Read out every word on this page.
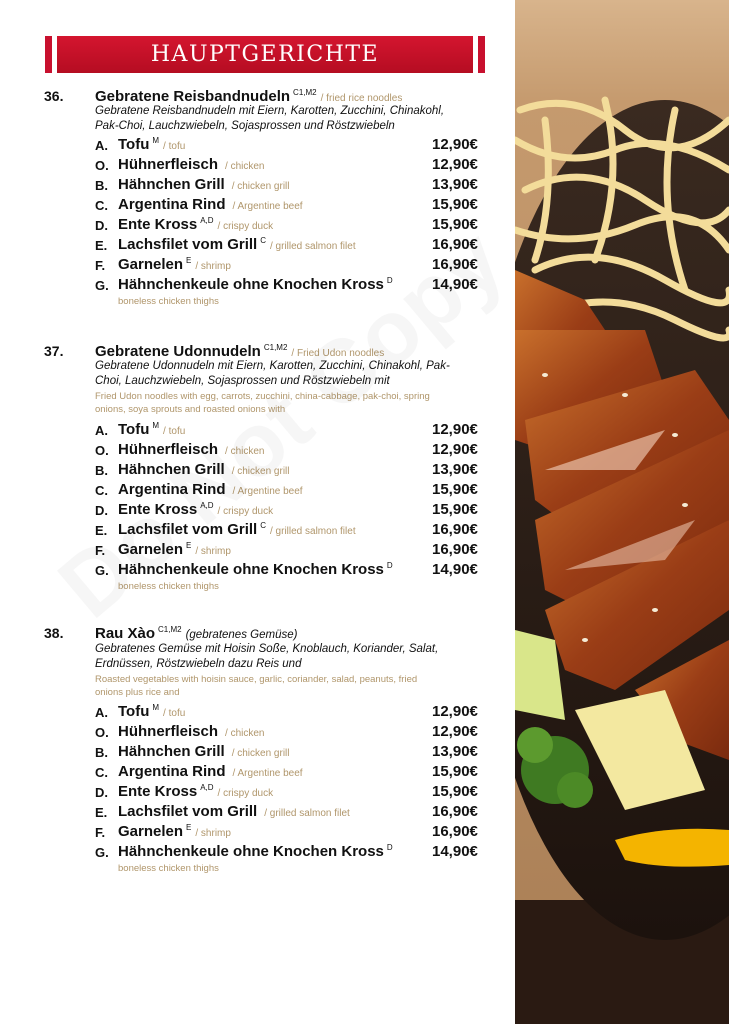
HAUPTGERICHTE
36. Gebratene Reisbandnudeln $^{C1,M2}$/ fried rice noodles
Gebratene Reisbandnudeln mit Eiern, Karotten, Zucchini, Chinakohl, Pak-Choi, Lauchzwiebeln, Sojasprossen und Röstzwiebeln
A. Tofu $^M$/ tofu	12,90€
O. Hühnerfleisch / chicken	12,90€
B. Hähnchen Grill / chicken grill	13,90€
C. Argentina Rind / Argentine beef	15,90€
D. Ente Kross $^{A,D}$/ crispy duck	15,90€
E. Lachsfilet vom Grill $^C$/ grilled salmon filet	16,90€
F. Garnelen $^E$/ shrimp	16,90€
G. Hähnchenkeule ohne Knochen Kross $^D$	14,90€
boneless chicken thighs
37. Gebratene Udonnudeln $^{C1,M2}$/ Fried Udon noodles
Gebratene Udonnudeln mit Eiern, Karotten, Zucchini, Chinakohl, Pak-Choi, Lauchzwiebeln, Sojasprossen und Röstzwiebeln mit
Fried Udon noodles with egg, carrots, zucchini, china-cabbage, pak-choi, spring onions, soya sprouts and roasted onions with
A. Tofu $^M$/ tofu	12,90€
O. Hühnerfleisch / chicken	12,90€
B. Hähnchen Grill / chicken grill	13,90€
C. Argentina Rind / Argentine beef	15,90€
D. Ente Kross $^{A,D}$/ crispy duck	15,90€
E. Lachsfilet vom Grill $^C$/ grilled salmon filet	16,90€
F. Garnelen $^E$/ shrimp	16,90€
G. Hähnchenkeule ohne Knochen Kross $^D$	14,90€
boneless chicken thighs
38. Rau Xào $^{C1,M2}$ (gebratenes Gemüse)
Gebratenes Gemüse mit Hoisin Soße, Knoblauch, Koriander, Salat, Erdnüssen, Röstzwiebeln dazu Reis und
Roasted vegetables with hoisin sauce, garlic, coriander, salad, peanuts, fried onions plus rice and
A. Tofu $^M$/ tofu	12,90€
O. Hühnerfleisch / chicken	12,90€
B. Hähnchen Grill / chicken grill	13,90€
C. Argentina Rind / Argentine beef	15,90€
D. Ente Kross $^{A,D}$/ crispy duck	15,90€
E. Lachsfilet vom Grill / grilled salmon filet	16,90€
F. Garnelen $^E$/ shrimp	16,90€
G. Hähnchenkeule ohne Knochen Kross $^D$	14,90€
boneless chicken thighs
